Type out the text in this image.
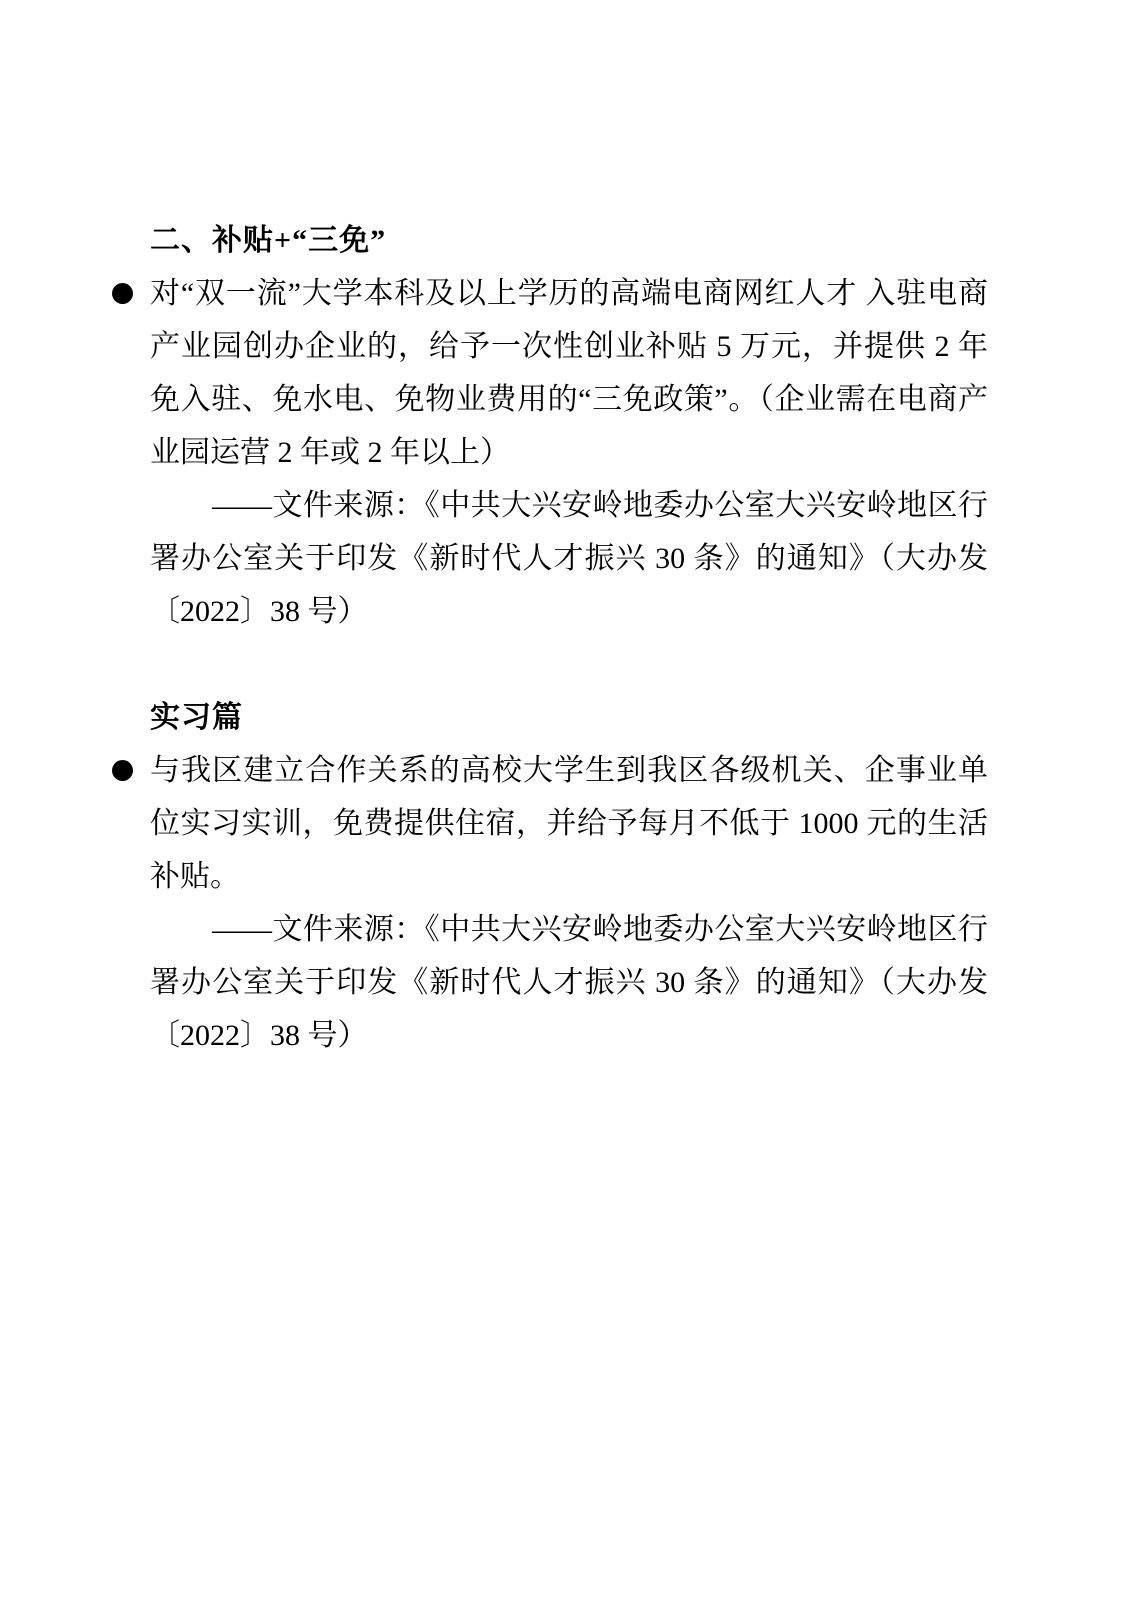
二、补贴+“三免”

对“双一流”大学本科及以上学历的高端电商网红人才 入驻电商产业园创办企业的，给予一次性创业补贴 5 万元，并提供 2 年免入驻、免水电、免物业费用的“三免政策”。（企业需在电商产业园运营 2 年或 2 年以上）

——文件来源：《中共大兴安岭地委办公室大兴安岭地区行署办公室关于印发《新时代人才振兴 30 条》的通知》（大办发〔2022〕38 号）

实习篇

与我区建立合作关系的高校大学生到我区各级机关、企事业单位实习实训，免费提供住宿，并给予每月不低于 1000 元的生活补贴。

——文件来源：《中共大兴安岭地委办公室大兴安岭地区行署办公室关于印发《新时代人才振兴 30 条》的通知》（大办发〔2022〕38 号）
